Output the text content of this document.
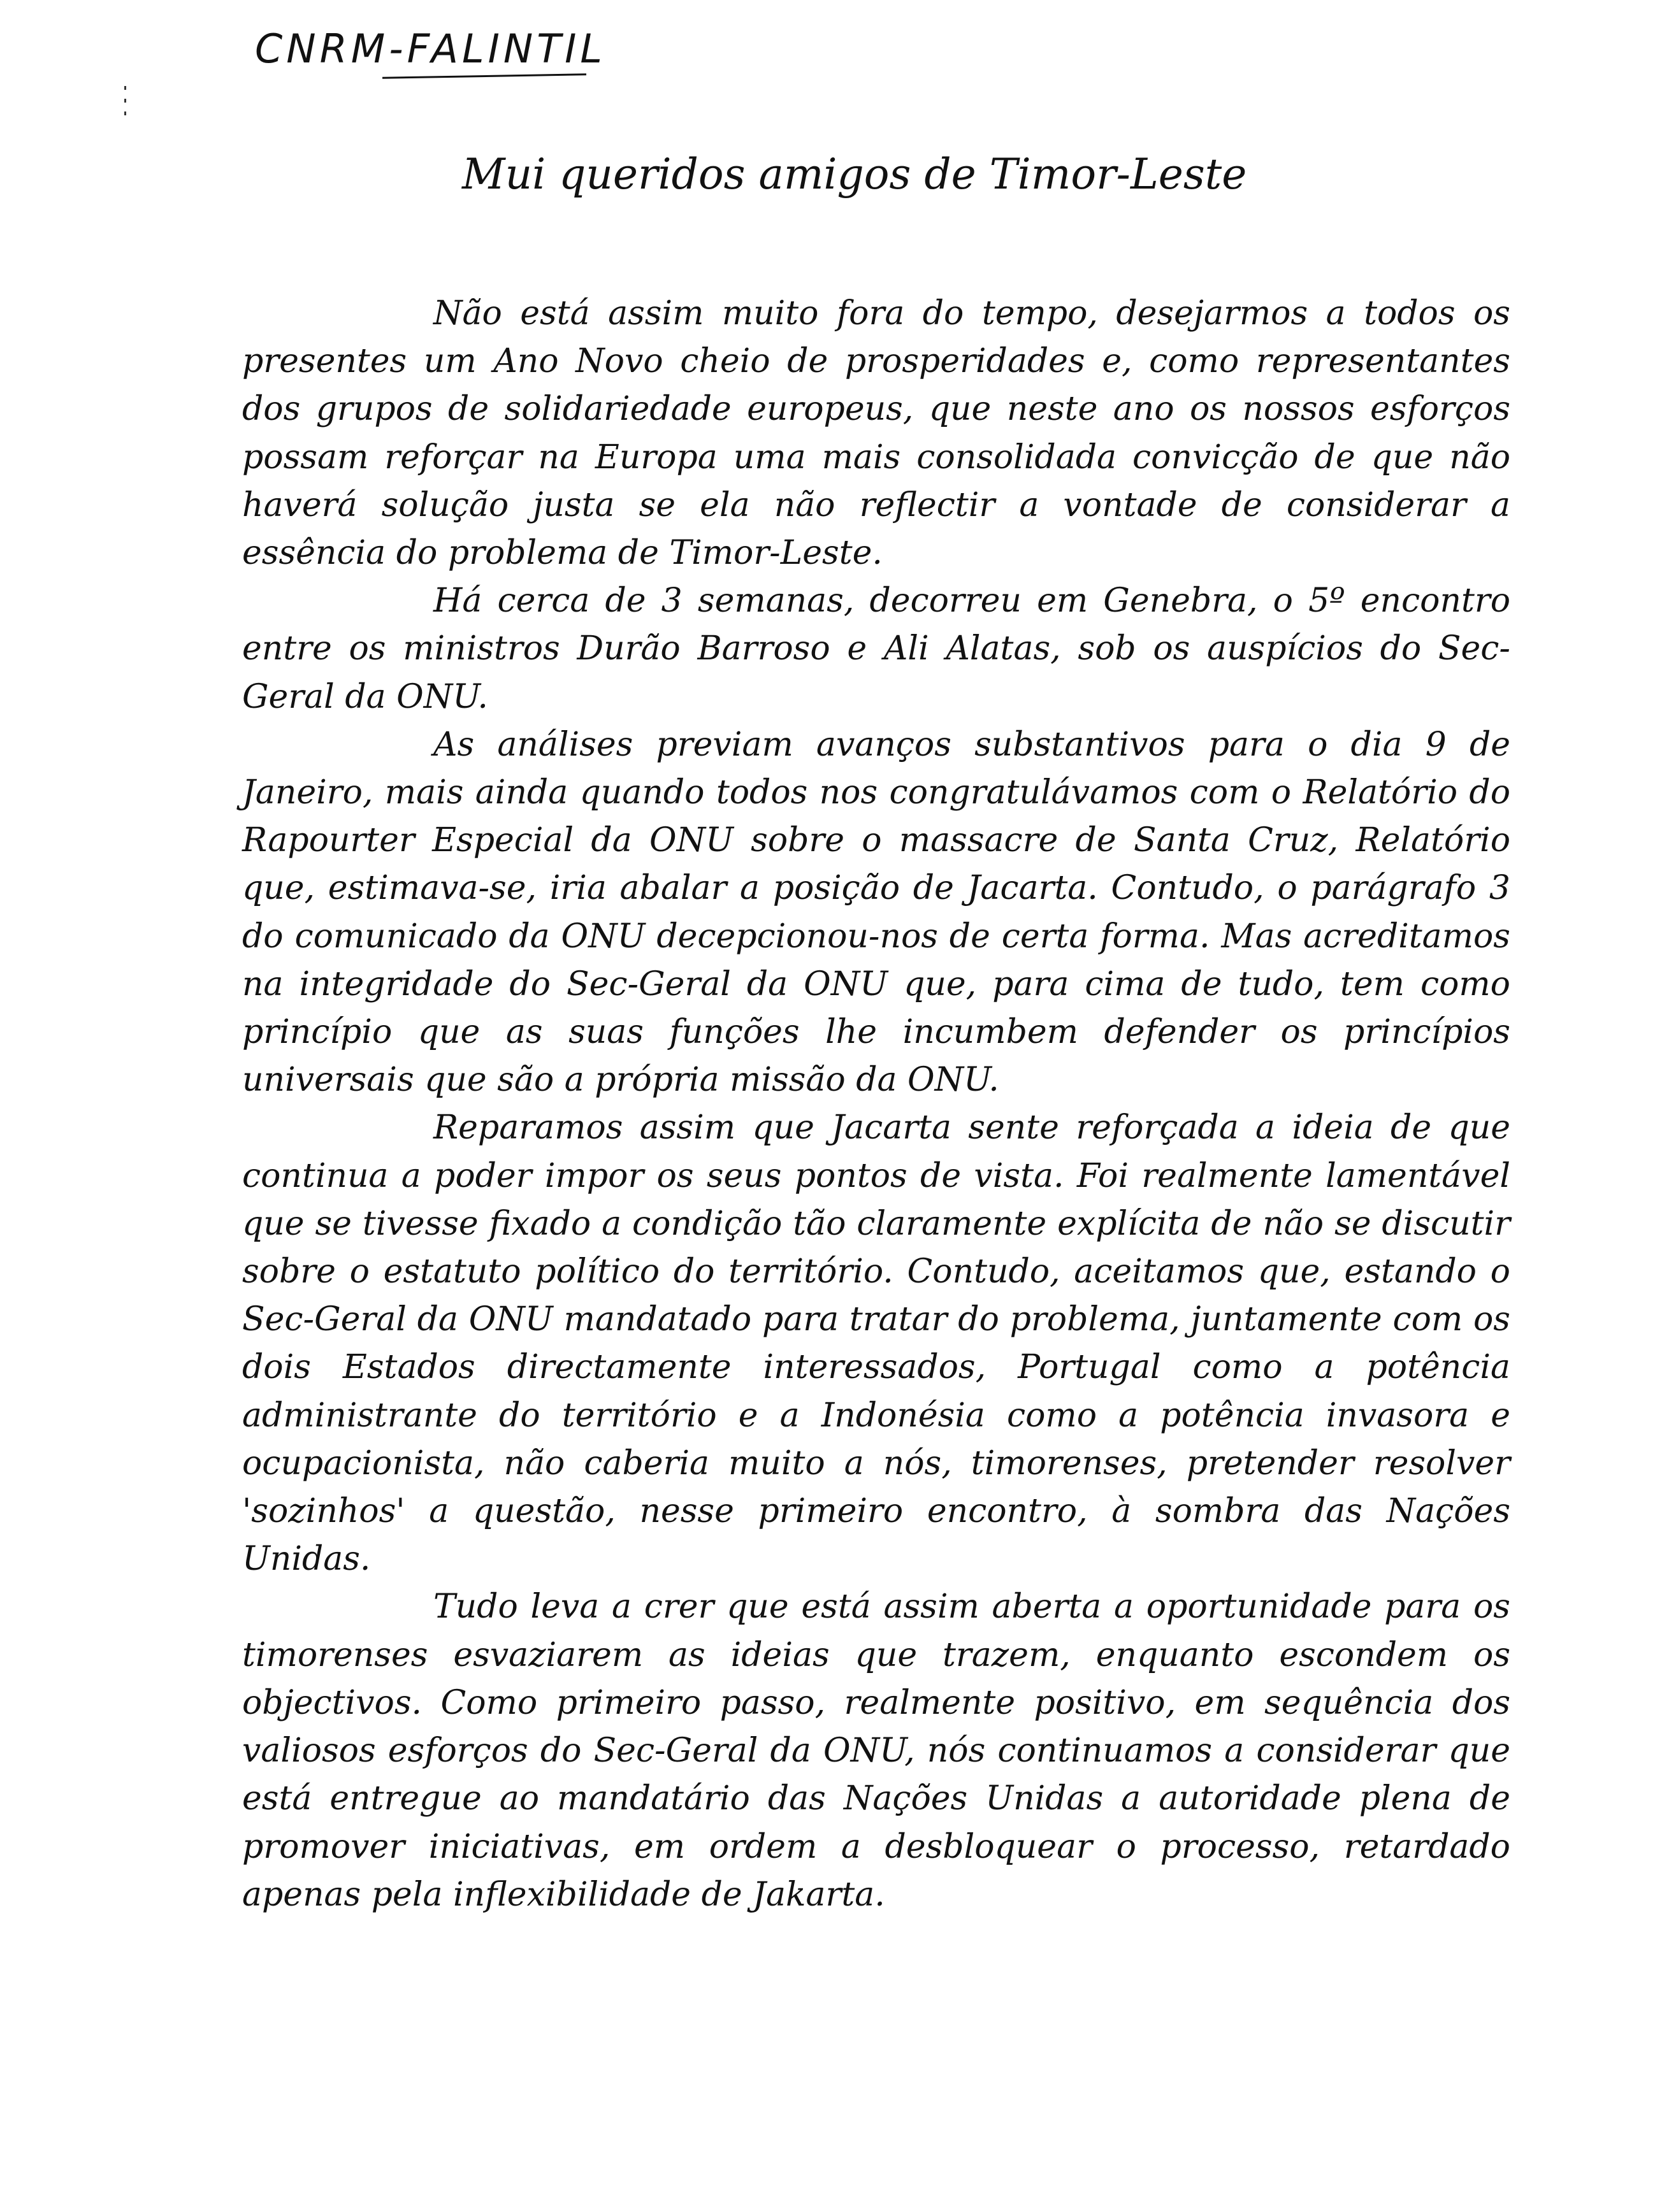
CNRM-FALINTIL
Mui queridos amigos de Timor-Leste

Não está assim muito fora do tempo, desejarmos a todos os presentes um Ano Novo cheio de prosperidades e, como representantes dos grupos de solidariedade europeus, que neste ano os nossos esforços possam reforçar na Europa uma mais consolidada convicção de que não haverá solução justa se ela não reflectir a vontade de considerar a essência do problema de Timor-Leste.

Há cerca de 3 semanas, decorreu em Genebra, o 5º encontro entre os ministros Durão Barroso e Ali Alatas, sob os auspícios do Sec-Geral da ONU.

As análises previam avanços substantivos para o dia 9 de Janeiro, mais ainda quando todos nos congratulávamos com o Relatório do Rapourter Especial da ONU sobre o massacre de Santa Cruz, Relatório que, estimava-se, iria abalar a posição de Jacarta. Contudo, o parágrafo 3 do comunicado da ONU decepcionou-nos de certa forma. Mas acreditamos na integridade do Sec-Geral da ONU que, para cima de tudo, tem como princípio que as suas funções lhe incumbem defender os princípios universais que são a própria missão da ONU.

Reparamos assim que Jacarta sente reforçada a ideia de que continua a poder impor os seus pontos de vista. Foi realmente lamentável que se tivesse fixado a condição tão claramente explícita de não se discutir sobre o estatuto político do território. Contudo, aceitamos que, estando o Sec-Geral da ONU mandatado para tratar do problema, juntamente com os dois Estados directamente interessados, Portugal como a potência administrante do território e a Indonésia como a potência invasora e ocupacionista, não caberia muito a nós, timorenses, pretender resolver 'sozinhos' a questão, nesse primeiro encontro, à sombra das Nações Unidas.

Tudo leva a crer que está assim aberta a oportunidade para os timorenses esvaziarem as ideias que trazem, enquanto escondem os objectivos. Como primeiro passo, realmente positivo, em sequência dos valiosos esforços do Sec-Geral da ONU, nós continuamos a considerar que está entregue ao mandatário das Nações Unidas a autoridade plena de promover iniciativas, em ordem a desbloquear o processo, retardado apenas pela inflexibilidade de Jakarta.
